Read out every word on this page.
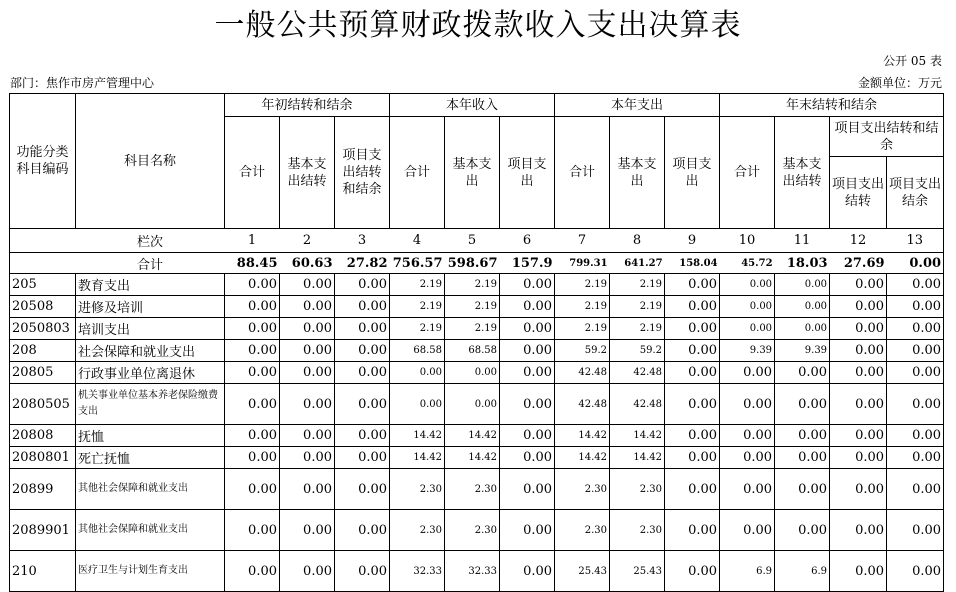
一般公共预算财政拨款收入支出决算表
公开 05 表
部门：焦作市房产管理中心	金额单位：万元
功能分类科目编码	科目名称	年初结转和结余			本年收入			本年支出			年末结转和结余			
		合计	基本支出结转	项目支出结转和结余	合计	基本支出	项目支出	合计	基本支出	项目支出	合计	基本支出结转	项目支出结转和结余	
													项目支出结转	项目支出结余
	栏次	1	2	3	4	5	6	7	8	9	10	11	12	13
	合计	88.45	60.63	27.82	756.57	598.67	157.9	799.31	641.27	158.04	45.72	18.03	27.69	0.00
205	教育支出	0.00	0.00	0.00	2.19	2.19	0.00	2.19	2.19	0.00	0.00	0.00	0.00	0.00
20508	进修及培训	0.00	0.00	0.00	2.19	2.19	0.00	2.19	2.19	0.00	0.00	0.00	0.00	0.00
2050803	培训支出	0.00	0.00	0.00	2.19	2.19	0.00	2.19	2.19	0.00	0.00	0.00	0.00	0.00
208	社会保障和就业支出	0.00	0.00	0.00	68.58	68.58	0.00	59.2	59.2	0.00	9.39	9.39	0.00	0.00
20805	行政事业单位离退休	0.00	0.00	0.00	0.00	0.00	0.00	42.48	42.48	0.00	0.00	0.00	0.00	0.00
2080505	机关事业单位基本养老保险缴费支出	0.00	0.00	0.00	0.00	0.00	0.00	42.48	42.48	0.00	0.00	0.00	0.00	0.00
20808	抚恤	0.00	0.00	0.00	14.42	14.42	0.00	14.42	14.42	0.00	0.00	0.00	0.00	0.00
2080801	死亡抚恤	0.00	0.00	0.00	14.42	14.42	0.00	14.42	14.42	0.00	0.00	0.00	0.00	0.00
20899	其他社会保障和就业支出	0.00	0.00	0.00	2.30	2.30	0.00	2.30	2.30	0.00	0.00	0.00	0.00	0.00
2089901	其他社会保障和就业支出	0.00	0.00	0.00	2.30	2.30	0.00	2.30	2.30	0.00	0.00	0.00	0.00	0.00
210	医疗卫生与计划生育支出	0.00	0.00	0.00	32.33	32.33	0.00	25.43	25.43	0.00	6.9	6.9	0.00	0.00
